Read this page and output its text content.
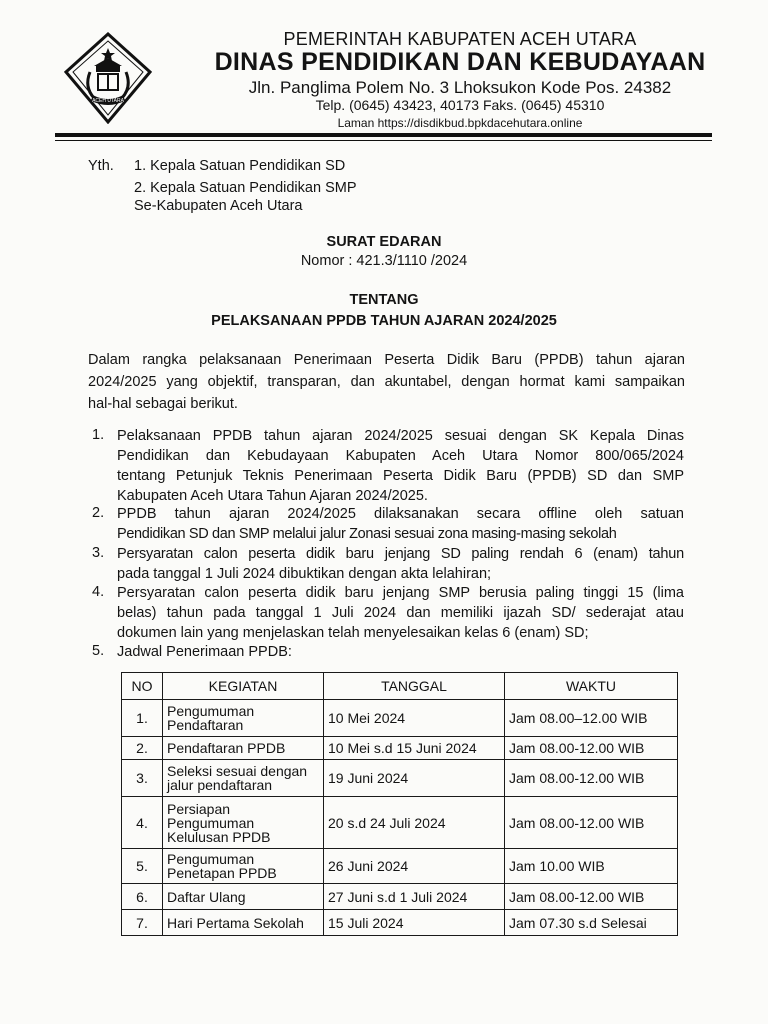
ACEH UTARA
PEMERINTAH KABUPATEN ACEH UTARA
DINAS PENDIDIKAN DAN KEBUDAYAAN
Jln. Panglima Polem No. 3 Lhoksukon Kode Pos. 24382
Telp. (0645) 43423, 40173 Faks. (0645) 45310
Laman https://disdikbud.bpkdacehutara.online
Yth. 1. Kepala Satuan Pendidikan SD
2. Kepala Satuan Pendidikan SMP
Se-Kabupaten Aceh Utara
SURAT EDARAN
Nomor : 421.3/1110 /2024
TENTANG
PELAKSANAAN PPDB TAHUN AJARAN 2024/2025
Dalam rangka pelaksanaan Penerimaan Peserta Didik Baru (PPDB) tahun ajaran
2024/2025 yang objektif, transparan, dan akuntabel, dengan hormat kami sampaikan
hal-hal sebagai berikut.
1. Pelaksanaan PPDB tahun ajaran 2024/2025 sesuai dengan SK Kepala Dinas
Pendidikan dan Kebudayaan Kabupaten Aceh Utara Nomor 800/065/2024
tentang Petunjuk Teknis Penerimaan Peserta Didik Baru (PPDB) SD dan SMP
Kabupaten Aceh Utara Tahun Ajaran 2024/2025.
2. PPDB tahun ajaran 2024/2025 dilaksanakan secara offline oleh satuan
Pendidikan SD dan SMP melalui jalur Zonasi sesuai zona masing-masing sekolah
3. Persyaratan calon peserta didik baru jenjang SD paling rendah 6 (enam) tahun
pada tanggal 1 Juli 2024 dibuktikan dengan akta lelahiran;
4. Persyaratan calon peserta didik baru jenjang SMP berusia paling tinggi 15 (lima
belas) tahun pada tanggal 1 Juli 2024 dan memiliki ijazah SD/ sederajat atau
dokumen lain yang menjelaskan telah menyelesaikan kelas 6 (enam) SD;
5. Jadwal Penerimaan PPDB:
NO	KEGIATAN	TANGGAL	WAKTU
1.	Pengumuman
Pendaftaran	10 Mei 2024	Jam 08.00–12.00 WIB
2.	Pendaftaran PPDB	10 Mei s.d 15 Juni 2024	Jam 08.00-12.00 WIB
3.	Seleksi sesuai dengan
jalur pendaftaran	19 Juni 2024	Jam 08.00-12.00 WIB
4.	Persiapan
Pengumuman
Kelulusan PPDB	20 s.d 24 Juli 2024	Jam 08.00-12.00 WIB
5.	Pengumuman
Penetapan PPDB	26 Juni 2024	Jam 10.00 WIB
6.	Daftar Ulang	27 Juni s.d 1 Juli 2024	Jam 08.00-12.00 WIB
7.	Hari Pertama Sekolah	15 Juli 2024	Jam 07.30 s.d Selesai
